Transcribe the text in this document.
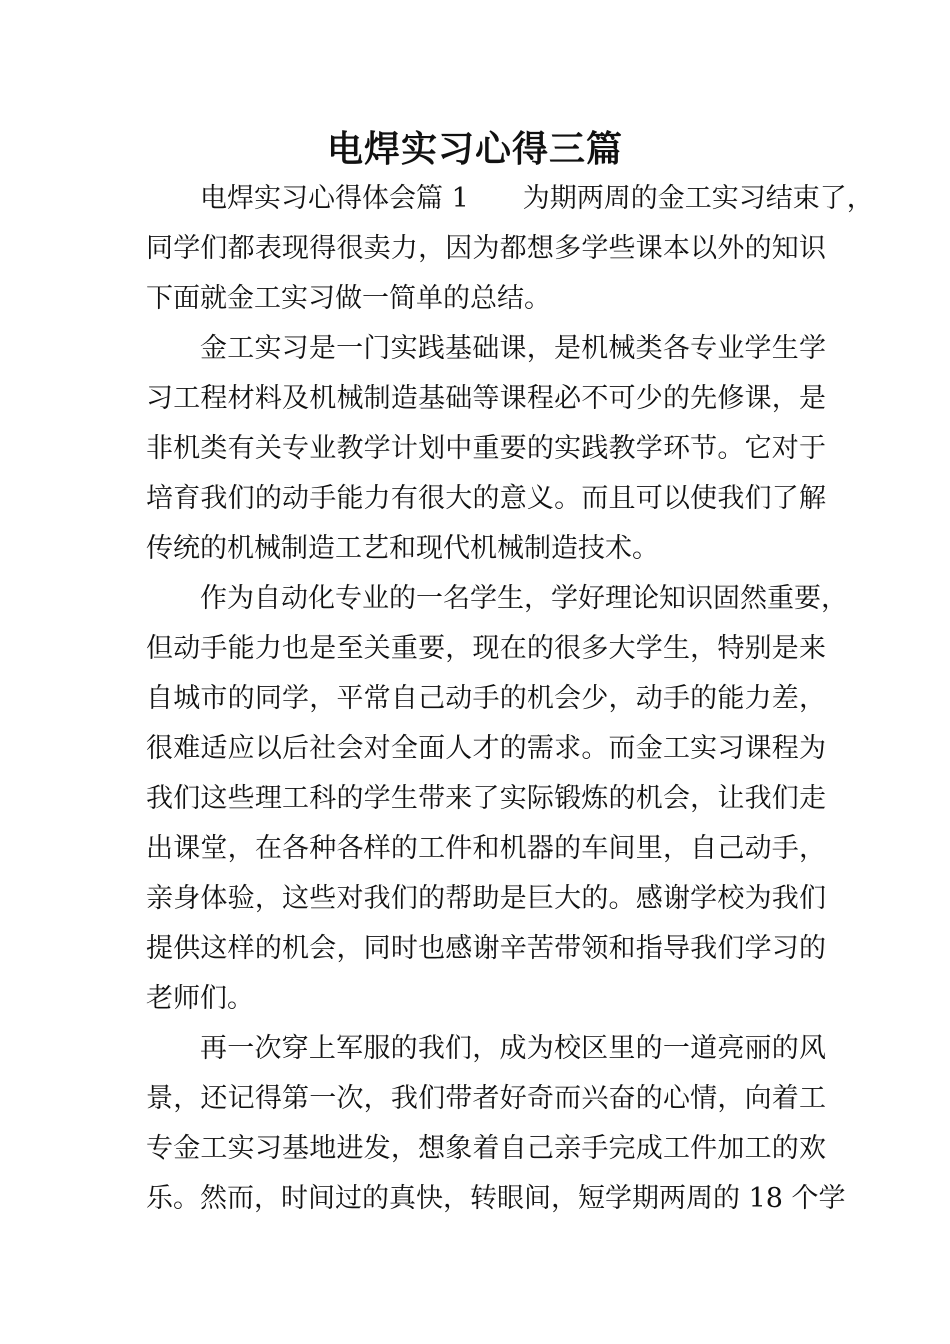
电焊实习心得三篇
电焊实习心得体会篇 1　　为期两周的金工实习结束了，
同学们都表现得很卖力，因为都想多学些课本以外的知识
下面就金工实习做一简单的总结。
金工实习是一门实践基础课，是机械类各专业学生学
习工程材料及机械制造基础等课程必不可少的先修课，是
非机类有关专业教学计划中重要的实践教学环节。它对于
培育我们的动手能力有很大的意义。而且可以使我们了解
传统的机械制造工艺和现代机械制造技术。
作为自动化专业的一名学生，学好理论知识固然重要，
但动手能力也是至关重要，现在的很多大学生，特别是来
自城市的同学，平常自己动手的机会少，动手的能力差，
很难适应以后社会对全面人才的需求。而金工实习课程为
我们这些理工科的学生带来了实际锻炼的机会，让我们走
出课堂，在各种各样的工件和机器的车间里，自己动手，
亲身体验，这些对我们的帮助是巨大的。感谢学校为我们
提供这样的机会，同时也感谢辛苦带领和指导我们学习的
老师们。
再一次穿上军服的我们，成为校区里的一道亮丽的风
景，还记得第一次，我们带者好奇而兴奋的心情，向着工
专金工实习基地进发，想象着自己亲手完成工件加工的欢
乐。然而，时间过的真快，转眼间，短学期两周的 18 个学
